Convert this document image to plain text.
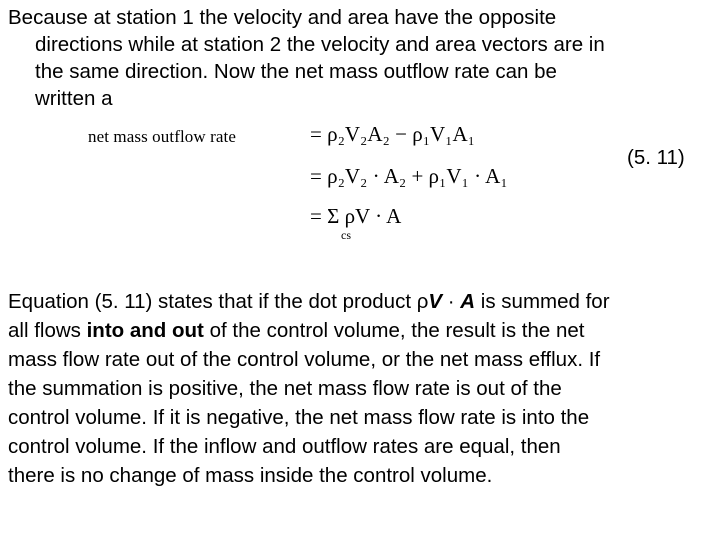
Because at station 1 the velocity and area have the opposite
directions while at station 2 the velocity and area vectors are in
the same direction. Now the net mass outflow rate can be
written a
net mass outflow rate	= ρ₂V₂A₂ − ρ₁V₁A₁
= ρ₂V₂ · A₂ + ρ₁V₁ · A₁
= Σ ρV · A
cs
(5. 11)
Equation (5. 11) states that if the dot product ρV · A is summed for
all flows into and out of the control volume, the result is the net
mass flow rate out of the control volume, or the net mass efflux. If
the summation is positive, the net mass flow rate is out of the
control volume. If it is negative, the net mass flow rate is into the
control volume. If the inflow and outflow rates are equal, then
there is no change of mass inside the control volume.
